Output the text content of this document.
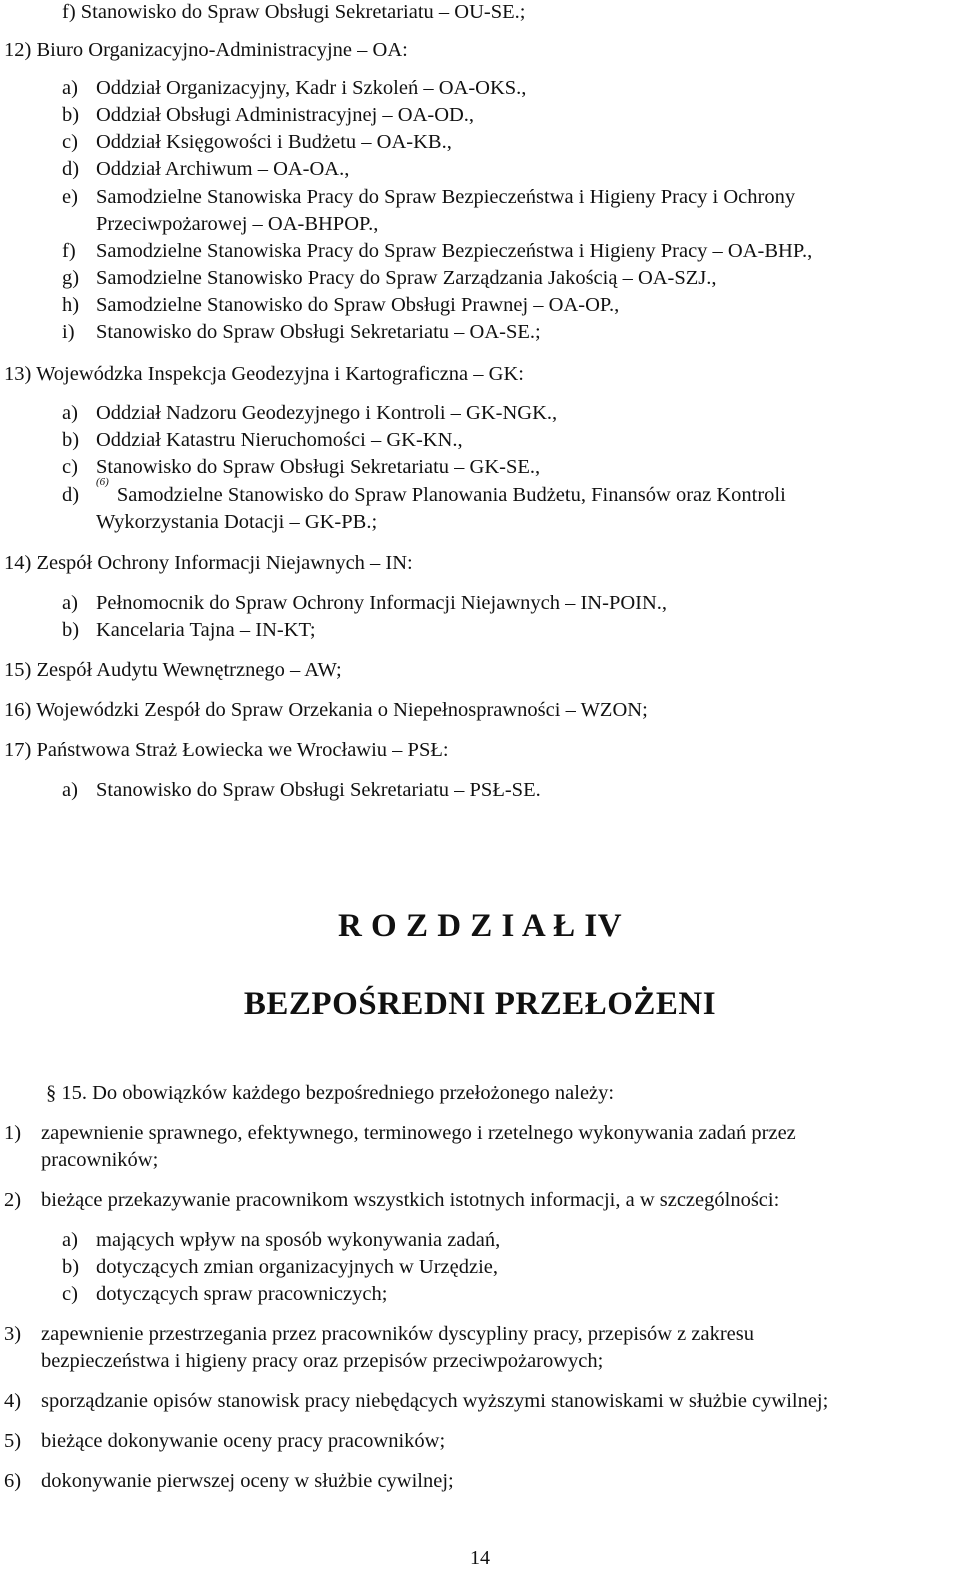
f) Stanowisko do Spraw Obsługi Sekretariatu – OU-SE.;
12) Biuro Organizacyjno-Administracyjne – OA:
a) Oddział Organizacyjny, Kadr i Szkoleń – OA-OKS.,
b) Oddział Obsługi Administracyjnej – OA-OD.,
c) Oddział Księgowości i Budżetu – OA-KB.,
d) Oddział Archiwum – OA-OA.,
e) Samodzielne Stanowiska Pracy do Spraw Bezpieczeństwa i Higieny Pracy i Ochrony
Przeciwpożarowej – OA-BHPOP.,
f) Samodzielne Stanowiska Pracy do Spraw Bezpieczeństwa i Higieny Pracy – OA-BHP.,
g) Samodzielne Stanowisko Pracy do Spraw Zarządzania Jakością – OA-SZJ.,
h) Samodzielne Stanowisko do Spraw Obsługi Prawnej – OA-OP.,
i) Stanowisko do Spraw Obsługi Sekretariatu – OA-SE.;
13) Wojewódzka Inspekcja Geodezyjna i Kartograficzna – GK:
a) Oddział Nadzoru Geodezyjnego i Kontroli – GK-NGK.,
b) Oddział Katastru Nieruchomości – GK-KN.,
c) Stanowisko do Spraw Obsługi Sekretariatu – GK-SE.,
d)
(6)
Samodzielne Stanowisko do Spraw Planowania Budżetu, Finansów oraz Kontroli
Wykorzystania Dotacji – GK-PB.;
14) Zespół Ochrony Informacji Niejawnych – IN:
a) Pełnomocnik do Spraw Ochrony Informacji Niejawnych – IN-POIN.,
b) Kancelaria Tajna – IN-KT;
15) Zespół Audytu Wewnętrznego – AW;
16) Wojewódzki Zespół do Spraw Orzekania o Niepełnosprawności – WZON;
17) Państwowa Straż Łowiecka we Wrocławiu – PSŁ:
a) Stanowisko do Spraw Obsługi Sekretariatu – PSŁ-SE.
R O Z D Z I A Ł IV
BEZPOŚREDNI PRZEŁOŻENI
§ 15. Do obowiązków każdego bezpośredniego przełożonego należy:
1) zapewnienie sprawnego, efektywnego, terminowego i rzetelnego wykonywania zadań przez
pracowników;
2) bieżące przekazywanie pracownikom wszystkich istotnych informacji, a w szczególności:
a) mających wpływ na sposób wykonywania zadań,
b) dotyczących zmian organizacyjnych w Urzędzie,
c) dotyczących spraw pracowniczych;
3) zapewnienie przestrzegania przez pracowników dyscypliny pracy, przepisów z zakresu
bezpieczeństwa i higieny pracy oraz przepisów przeciwpożarowych;
4) sporządzanie opisów stanowisk pracy niebędących wyższymi stanowiskami w służbie cywilnej;
5) bieżące dokonywanie oceny pracy pracowników;
6) dokonywanie pierwszej oceny w służbie cywilnej;
14
